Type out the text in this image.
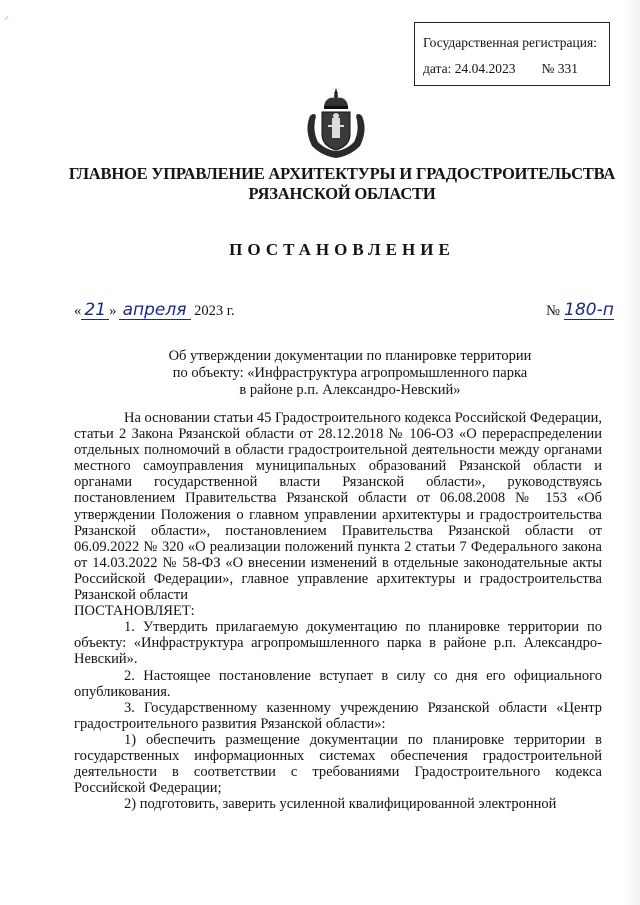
⸝
Государственная регистрация:
дата: 24.04.2023 № 331
ГЛАВНОЕ УПРАВЛЕНИЕ АРХИТЕКТУРЫ И ГРАДОСТРОИТЕЛЬСТВА
РЯЗАНСКОЙ ОБЛАСТИ
ПОСТАНОВЛЕНИЕ
« 21 » апреля 2023 г.	№ 180-п
Об утверждении документации по планировке территории
по объекту: «Инфраструктура агропромышленного парка
в районе р.п. Александро-Невский»

На основании статьи 45 Градостроительного кодекса Российской Федерации, статьи 2 Закона Рязанской области от 28.12.2018 № 106-ОЗ «О перераспределении отдельных полномочий в области градостроительной деятельности между органами местного самоуправления муниципальных образований Рязанской области и органами государственной власти Рязанской области», руководствуясь постановлением Правительства Рязанской области от 06.08.2008 № 153 «Об утверждении Положения о главном управлении архитектуры и градостроительства Рязанской области», постановлением Правительства Рязанской области от 06.09.2022 № 320 «О реализации положений пункта 2 статьи 7 Федерального закона от 14.03.2022 № 58-ФЗ «О внесении изменений в отдельные законодательные акты Российской Федерации», главное управление архитектуры и градостроительства Рязанской области

ПОСТАНОВЛЯЕТ:

1. Утвердить прилагаемую документацию по планировке территории по объекту: «Инфраструктура агропромышленного парка в районе р.п. Александро-Невский».

2. Настоящее постановление вступает в силу со дня его официального опубликования.

3. Государственному казенному учреждению Рязанской области «Центр градостроительного развития Рязанской области»:

1) обеспечить размещение документации по планировке территории в государственных информационных системах обеспечения градостроительной деятельности в соответствии с требованиями Градостроительного кодекса Российской Федерации;

2) подготовить, заверить усиленной квалифицированной электронной
